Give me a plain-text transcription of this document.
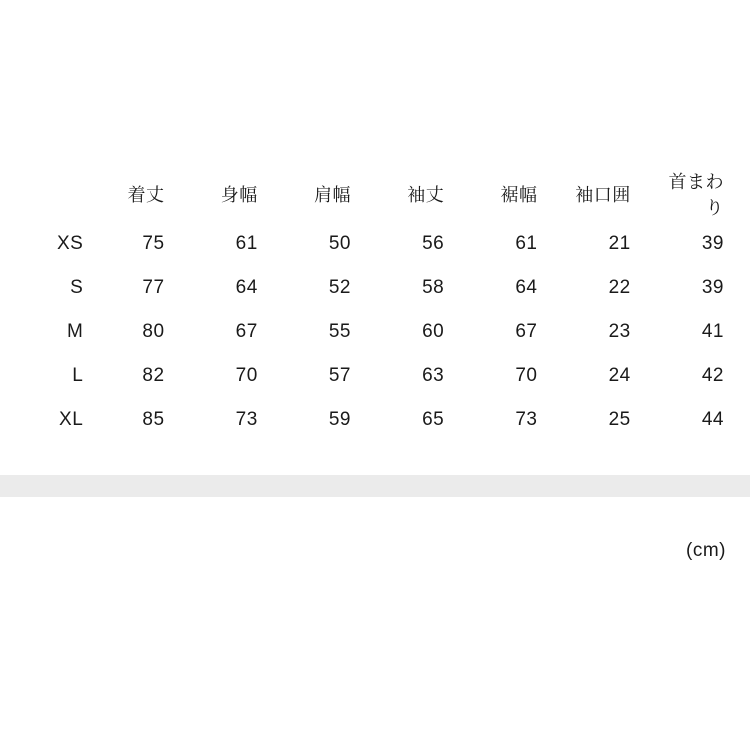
	着丈	身幅	肩幅	袖丈	裾幅	袖口囲	首まわり
XS	75	61	50	56	61	21	39
S	77	64	52	58	64	22	39
M	80	67	55	60	67	23	41
L	82	70	57	63	70	24	42
XL	85	73	59	65	73	25	44
(cm)
